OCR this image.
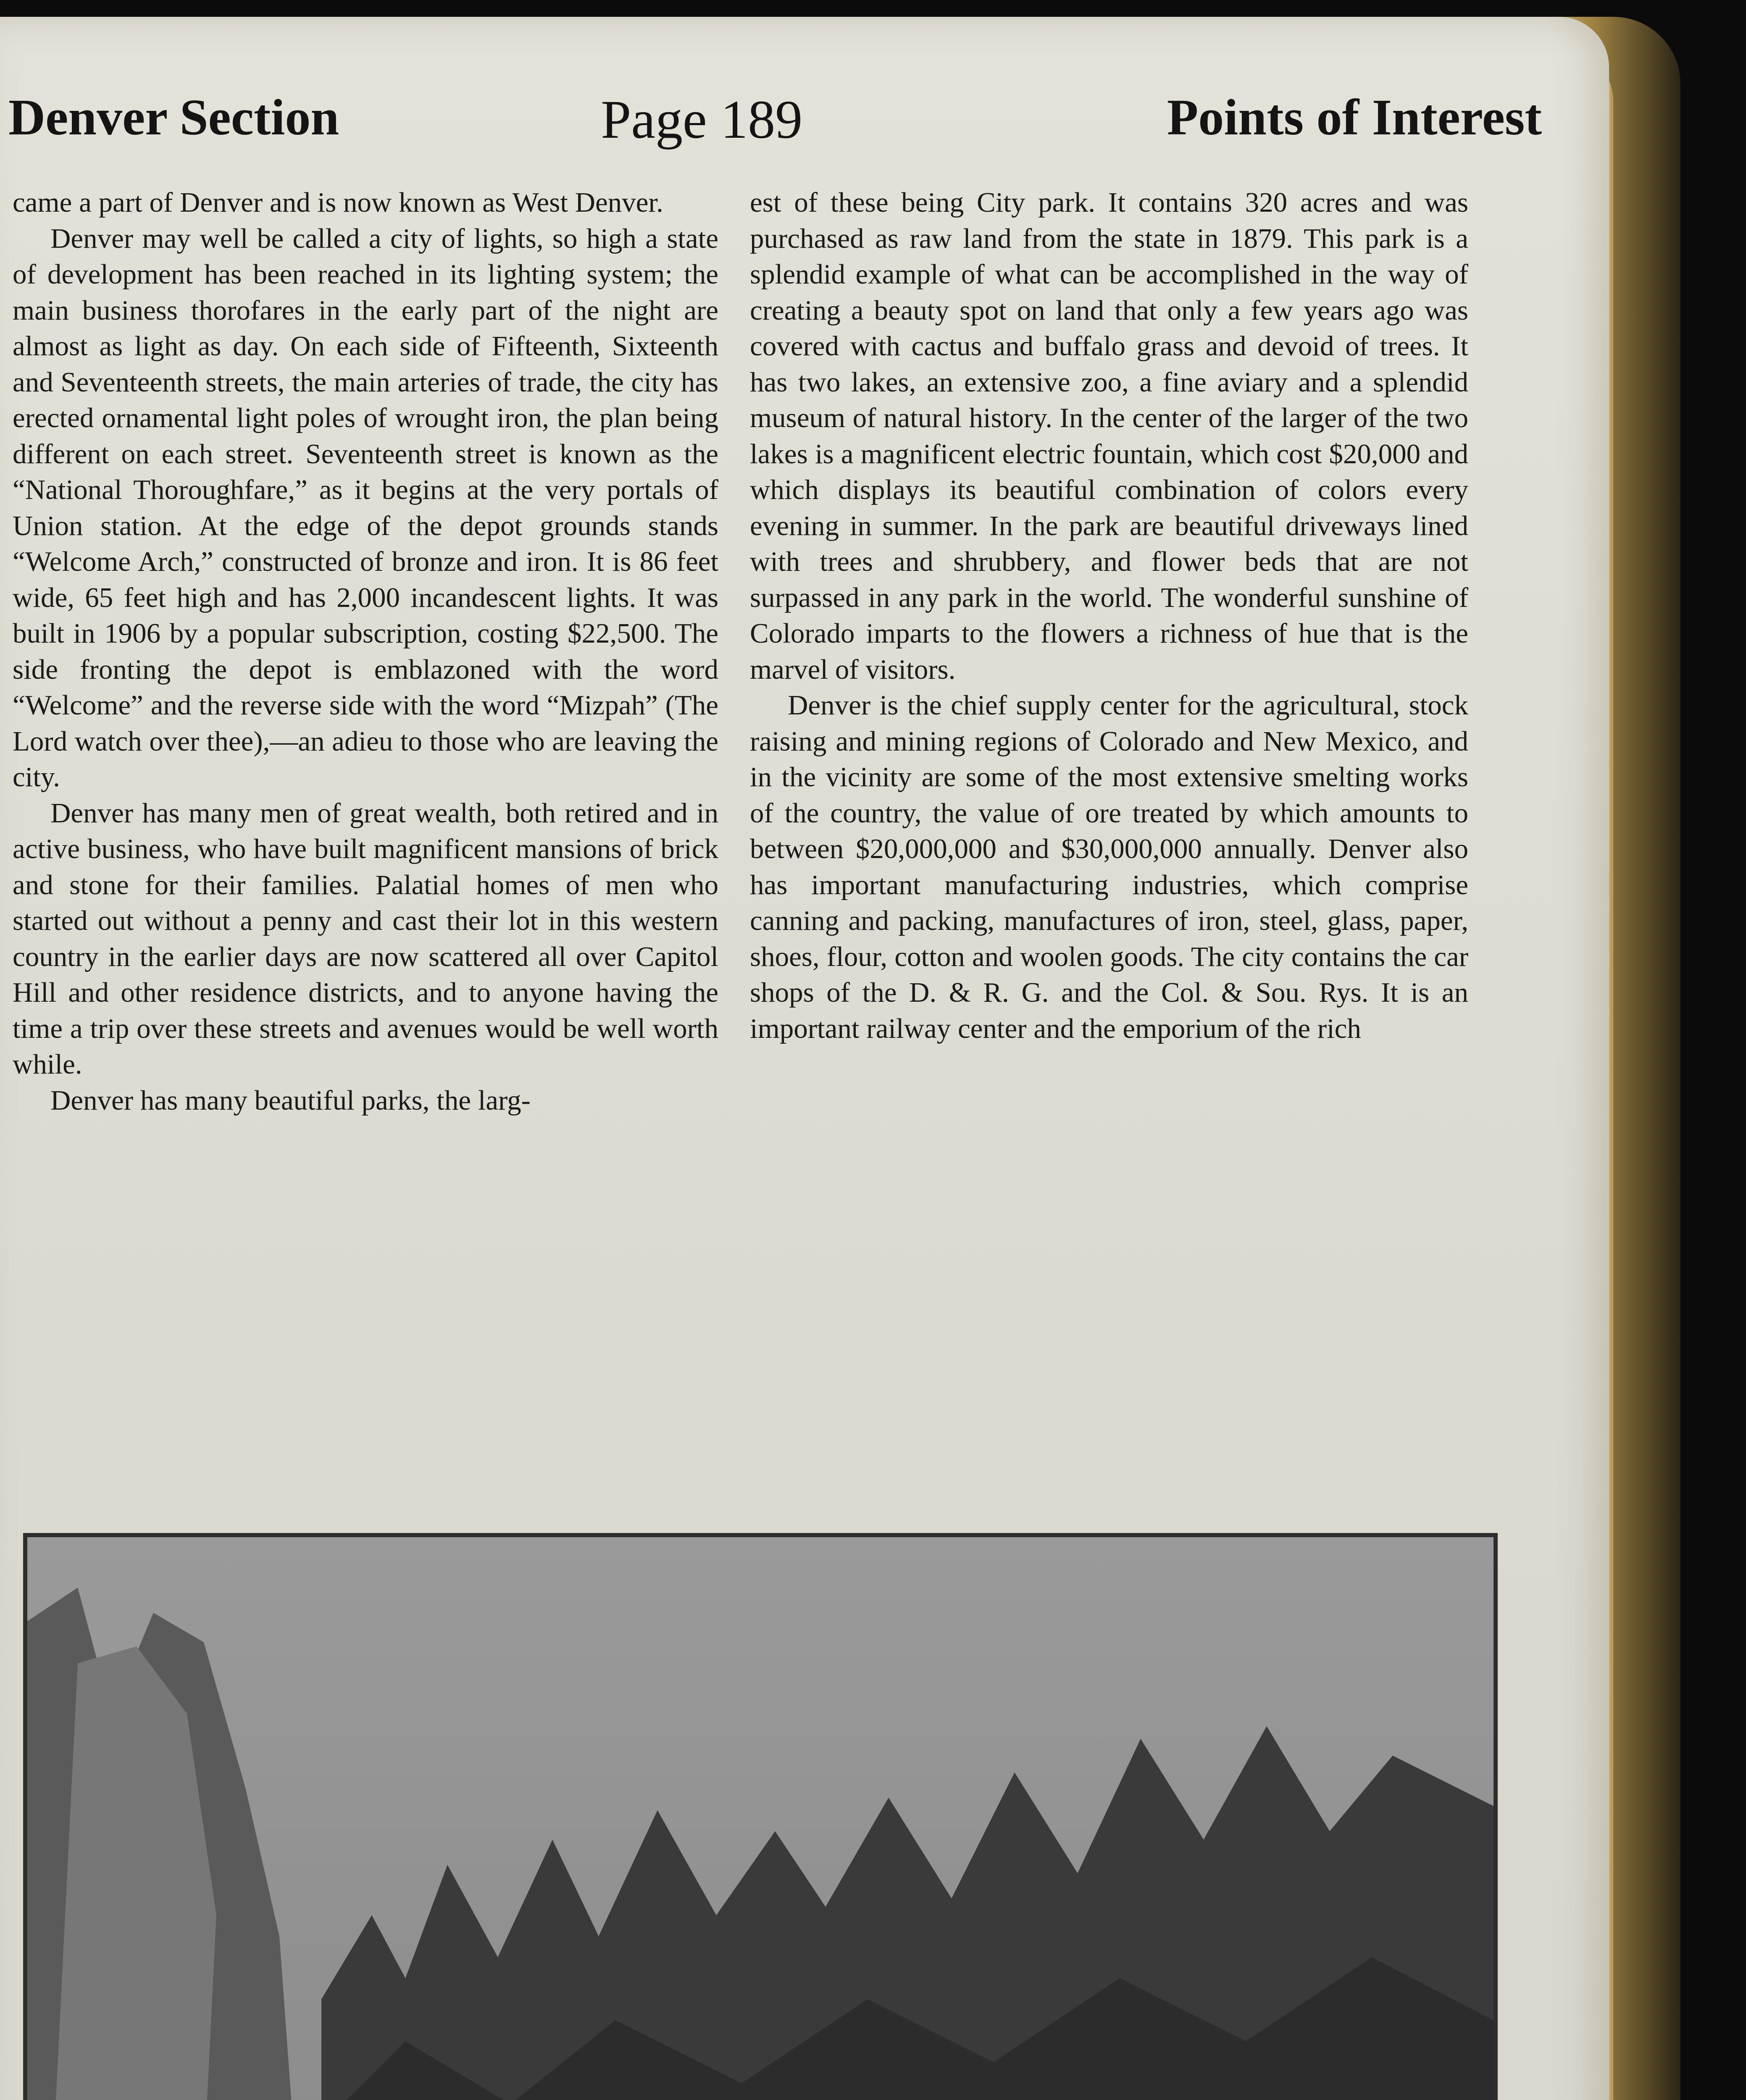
Denver Section	Page 189	Points of Interest

came a part of Denver and is now known as West Denver.

Denver may well be called a city of lights, so high a state of development has been reached in its lighting system; the main business thorofares in the early part of the night are almost as light as day. On each side of Fifteenth, Sixteenth and Seventeenth streets, the main arteries of trade, the city has erected ornamental light poles of wrought iron, the plan being different on each street. Seventeenth street is known as the “National Thoroughfare,” as it begins at the very portals of Union station. At the edge of the depot grounds stands “Welcome Arch,” constructed of bronze and iron. It is 86 feet wide, 65 feet high and has 2,000 incandescent lights. It was built in 1906 by a popular subscription, costing $22,500. The side fronting the depot is emblazoned with the word “Welcome” and the reverse side with the word “Mizpah” (The Lord watch over thee),—an adieu to those who are leaving the city.

Denver has many men of great wealth, both retired and in active business, who have built magnificent mansions of brick and stone for their families. Palatial homes of men who started out without a penny and cast their lot in this western country in the earlier days are now scattered all over Capitol Hill and other residence districts, and to anyone having the time a trip over these streets and avenues would be well worth while.

Denver has many beautiful parks, the larg-

est of these being City park. It contains 320 acres and was purchased as raw land from the state in 1879. This park is a splendid example of what can be accomplished in the way of creating a beauty spot on land that only a few years ago was covered with cactus and buffalo grass and devoid of trees. It has two lakes, an extensive zoo, a fine aviary and a splendid museum of natural history. In the center of the larger of the two lakes is a magnificent electric fountain, which cost $20,000 and which displays its beautiful combination of colors every evening in summer. In the park are beautiful driveways lined with trees and shrubbery, and flower beds that are not surpassed in any park in the world. The wonderful sunshine of Colorado imparts to the flowers a richness of hue that is the marvel of visitors.

Denver is the chief supply center for the agricultural, stock raising and mining regions of Colorado and New Mexico, and in the vicinity are some of the most extensive smelting works of the country, the value of ore treated by which amounts to between $20,000,000 and $30,000,000 annually. Denver also has important manufacturing industries, which comprise canning and packing, manufactures of iron, steel, glass, paper, shoes, flour, cotton and woolen goods. The city contains the car shops of the D. & R. G. and the Col. & Sou. Rys. It is an important railway center and the emporium of the rich
